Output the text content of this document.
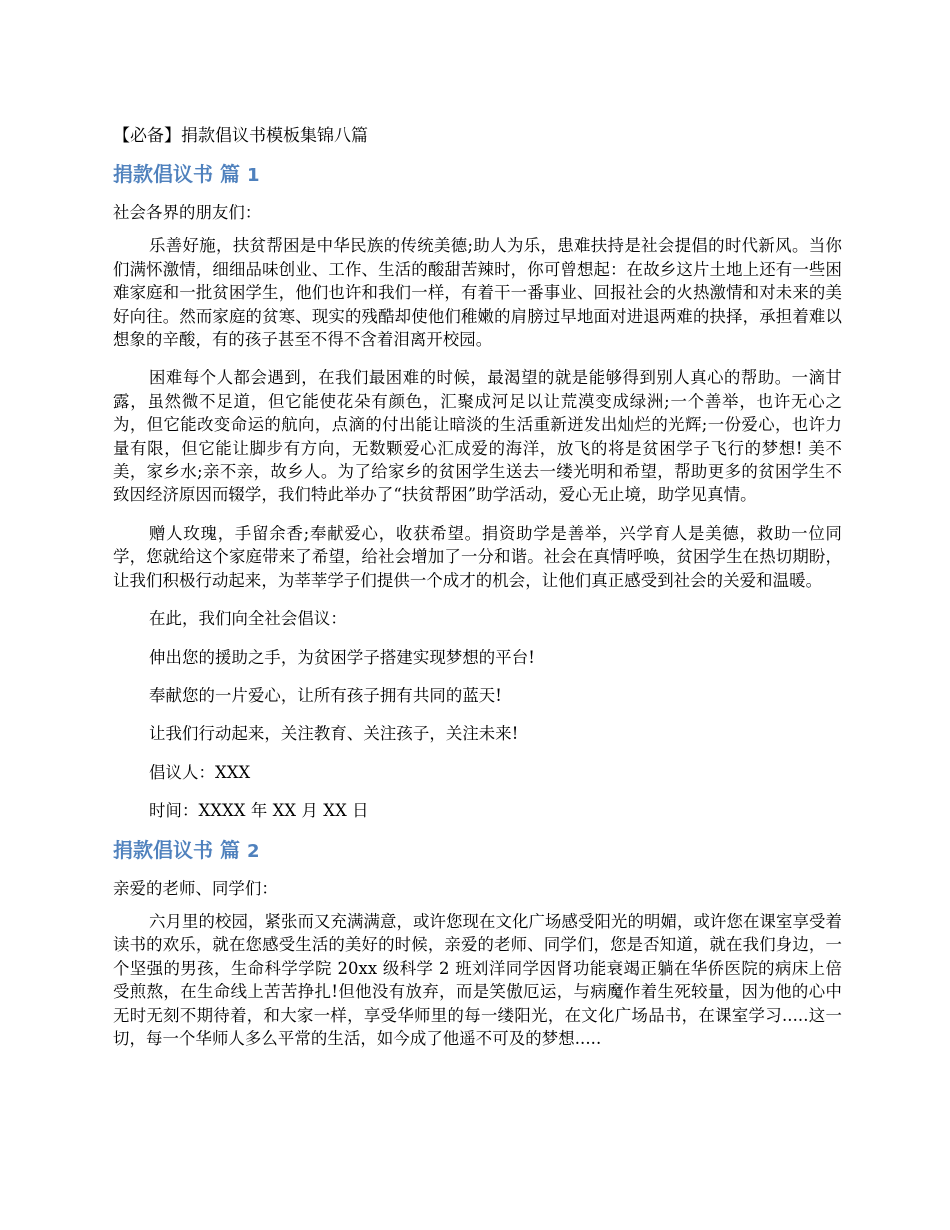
【必备】捐款倡议书模板集锦八篇
捐款倡议书 篇 1

社会各界的朋友们：

乐善好施，扶贫帮困是中华民族的传统美德;助人为乐，患难扶持是社会提倡的时代新风。当你们满怀激情，细细品味创业、工作、生活的酸甜苦辣时，你可曾想起：在故乡这片土地上还有一些困难家庭和一批贫困学生，他们也许和我们一样，有着干一番事业、回报社会的火热激情和对未来的美好向往。然而家庭的贫寒、现实的残酷却使他们稚嫩的肩膀过早地面对进退两难的抉择，承担着难以想象的辛酸，有的孩子甚至不得不含着泪离开校园。

困难每个人都会遇到，在我们最困难的时候，最渴望的就是能够得到别人真心的帮助。一滴甘露，虽然微不足道，但它能使花朵有颜色，汇聚成河足以让荒漠变成绿洲;一个善举，也许无心之为，但它能改变命运的航向，点滴的付出能让暗淡的生活重新迸发出灿烂的光辉;一份爱心，也许力量有限，但它能让脚步有方向，无数颗爱心汇成爱的海洋，放飞的将是贫困学子飞行的梦想! 美不美，家乡水;亲不亲，故乡人。为了给家乡的贫困学生送去一缕光明和希望，帮助更多的贫困学生不致因经济原因而辍学，我们特此举办了“扶贫帮困”助学活动，爱心无止境，助学见真情。

赠人玫瑰，手留余香;奉献爱心，收获希望。捐资助学是善举，兴学育人是美德，救助一位同学，您就给这个家庭带来了希望，给社会增加了一分和谐。社会在真情呼唤，贫困学生在热切期盼，让我们积极行动起来，为莘莘学子们提供一个成才的机会，让他们真正感受到社会的关爱和温暖。

在此，我们向全社会倡议：

伸出您的援助之手，为贫困学子搭建实现梦想的平台!

奉献您的一片爱心，让所有孩子拥有共同的蓝天!

让我们行动起来，关注教育、关注孩子，关注未来!

倡议人：XXX

时间：XXXX 年 XX 月 XX 日

捐款倡议书 篇 2

亲爱的老师、同学们：

六月里的校园，紧张而又充满满意，或许您现在文化广场感受阳光的明媚，或许您在课室享受着读书的欢乐，就在您感受生活的美好的时候，亲爱的老师、同学们，您是否知道，就在我们身边，一个坚强的男孩，生命科学学院 20xx 级科学 2 班刘洋同学因肾功能衰竭正躺在华侨医院的病床上倍受煎熬，在生命线上苦苦挣扎!但他没有放弃，而是笑傲厄运，与病魔作着生死较量，因为他的心中无时无刻不期待着，和大家一样，享受华师里的每一缕阳光，在文化广场品书，在课室学习.....这一切，每一个华师人多么平常的生活，如今成了他遥不可及的梦想.....
